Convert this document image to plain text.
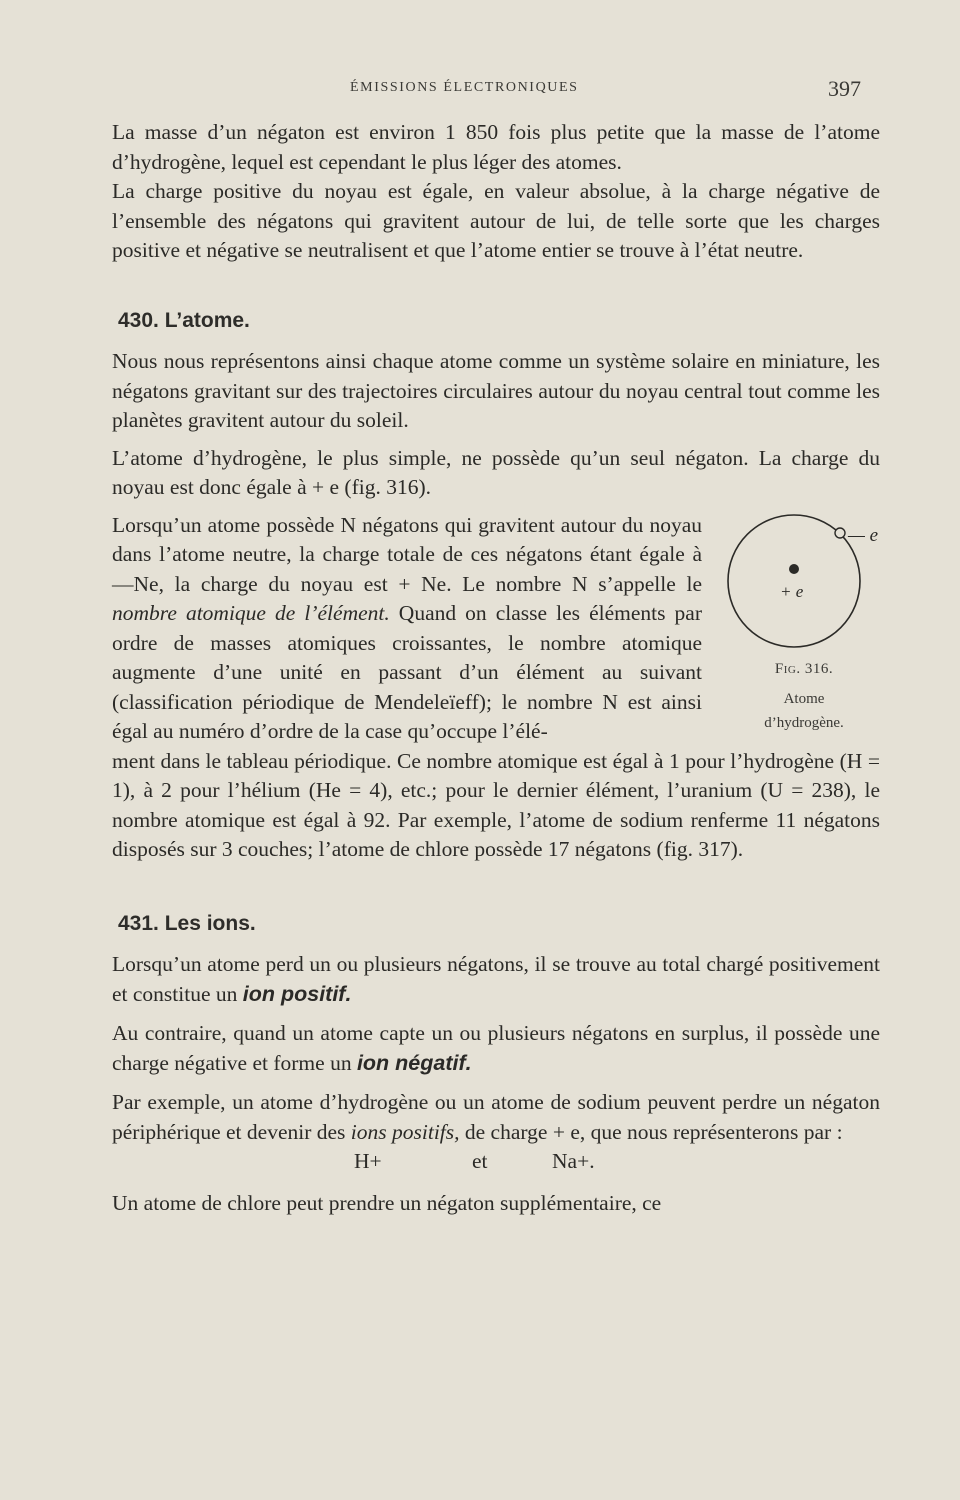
ÉMISSIONS ÉLECTRONIQUES	397

La masse d’un négaton est environ 1 850 fois plus petite que la masse de l’atome d’hydrogène, lequel est cependant le plus léger des atomes.

La charge positive du noyau est égale, en valeur absolue, à la charge négative de l’ensemble des négatons qui gravitent autour de lui, de telle sorte que les charges positive et négative se neutralisent et que l’atome entier se trouve à l’état neutre.

430. L’atome.

Nous nous représentons ainsi chaque atome comme un système solaire en miniature, les négatons gravitant sur des trajectoires circulaires autour du noyau central tout comme les planètes gravitent autour du soleil.

L’atome d’hydrogène, le plus simple, ne possède qu’un seul négaton. La charge du noyau est donc égale à + e (fig. 316).

Lorsqu’un atome possède N négatons qui gravitent autour du noyau dans l’atome neutre, la charge totale de ces négatons étant égale à —Ne, la charge du noyau est + Ne. Le nombre N s’appelle le nombre atomique de l’élément. Quand on classe les éléments par ordre de masses atomiques croissantes, le nombre atomique augmente d’une unité en passant d’un élément au suivant (classification périodique de Mendeleïeff); le nombre N est ainsi égal au numéro d’ordre de la case qu’occupe l’élé-

— e
+ e
Fig. 316.
Atome
d’hydrogène.

ment dans le tableau périodique. Ce nombre atomique est égal à 1 pour l’hydrogène (H = 1), à 2 pour l’hélium (He = 4), etc.; pour le dernier élément, l’uranium (U = 238), le nombre atomique est égal à 92. Par exemple, l’atome de sodium renferme 11 négatons disposés sur 3 couches; l’atome de chlore possède 17 négatons (fig. 317).

431. Les ions.

Lorsqu’un atome perd un ou plusieurs négatons, il se trouve au total chargé positivement et constitue un ion positif.

Au contraire, quand un atome capte un ou plusieurs négatons en surplus, il possède une charge négative et forme un ion négatif.

Par exemple, un atome d’hydrogène ou un atome de sodium peuvent perdre un négaton périphérique et devenir des ions positifs, de charge + e, que nous représenterons par :

H+	et	Na+.

Un atome de chlore peut prendre un négaton supplémentaire, ce
